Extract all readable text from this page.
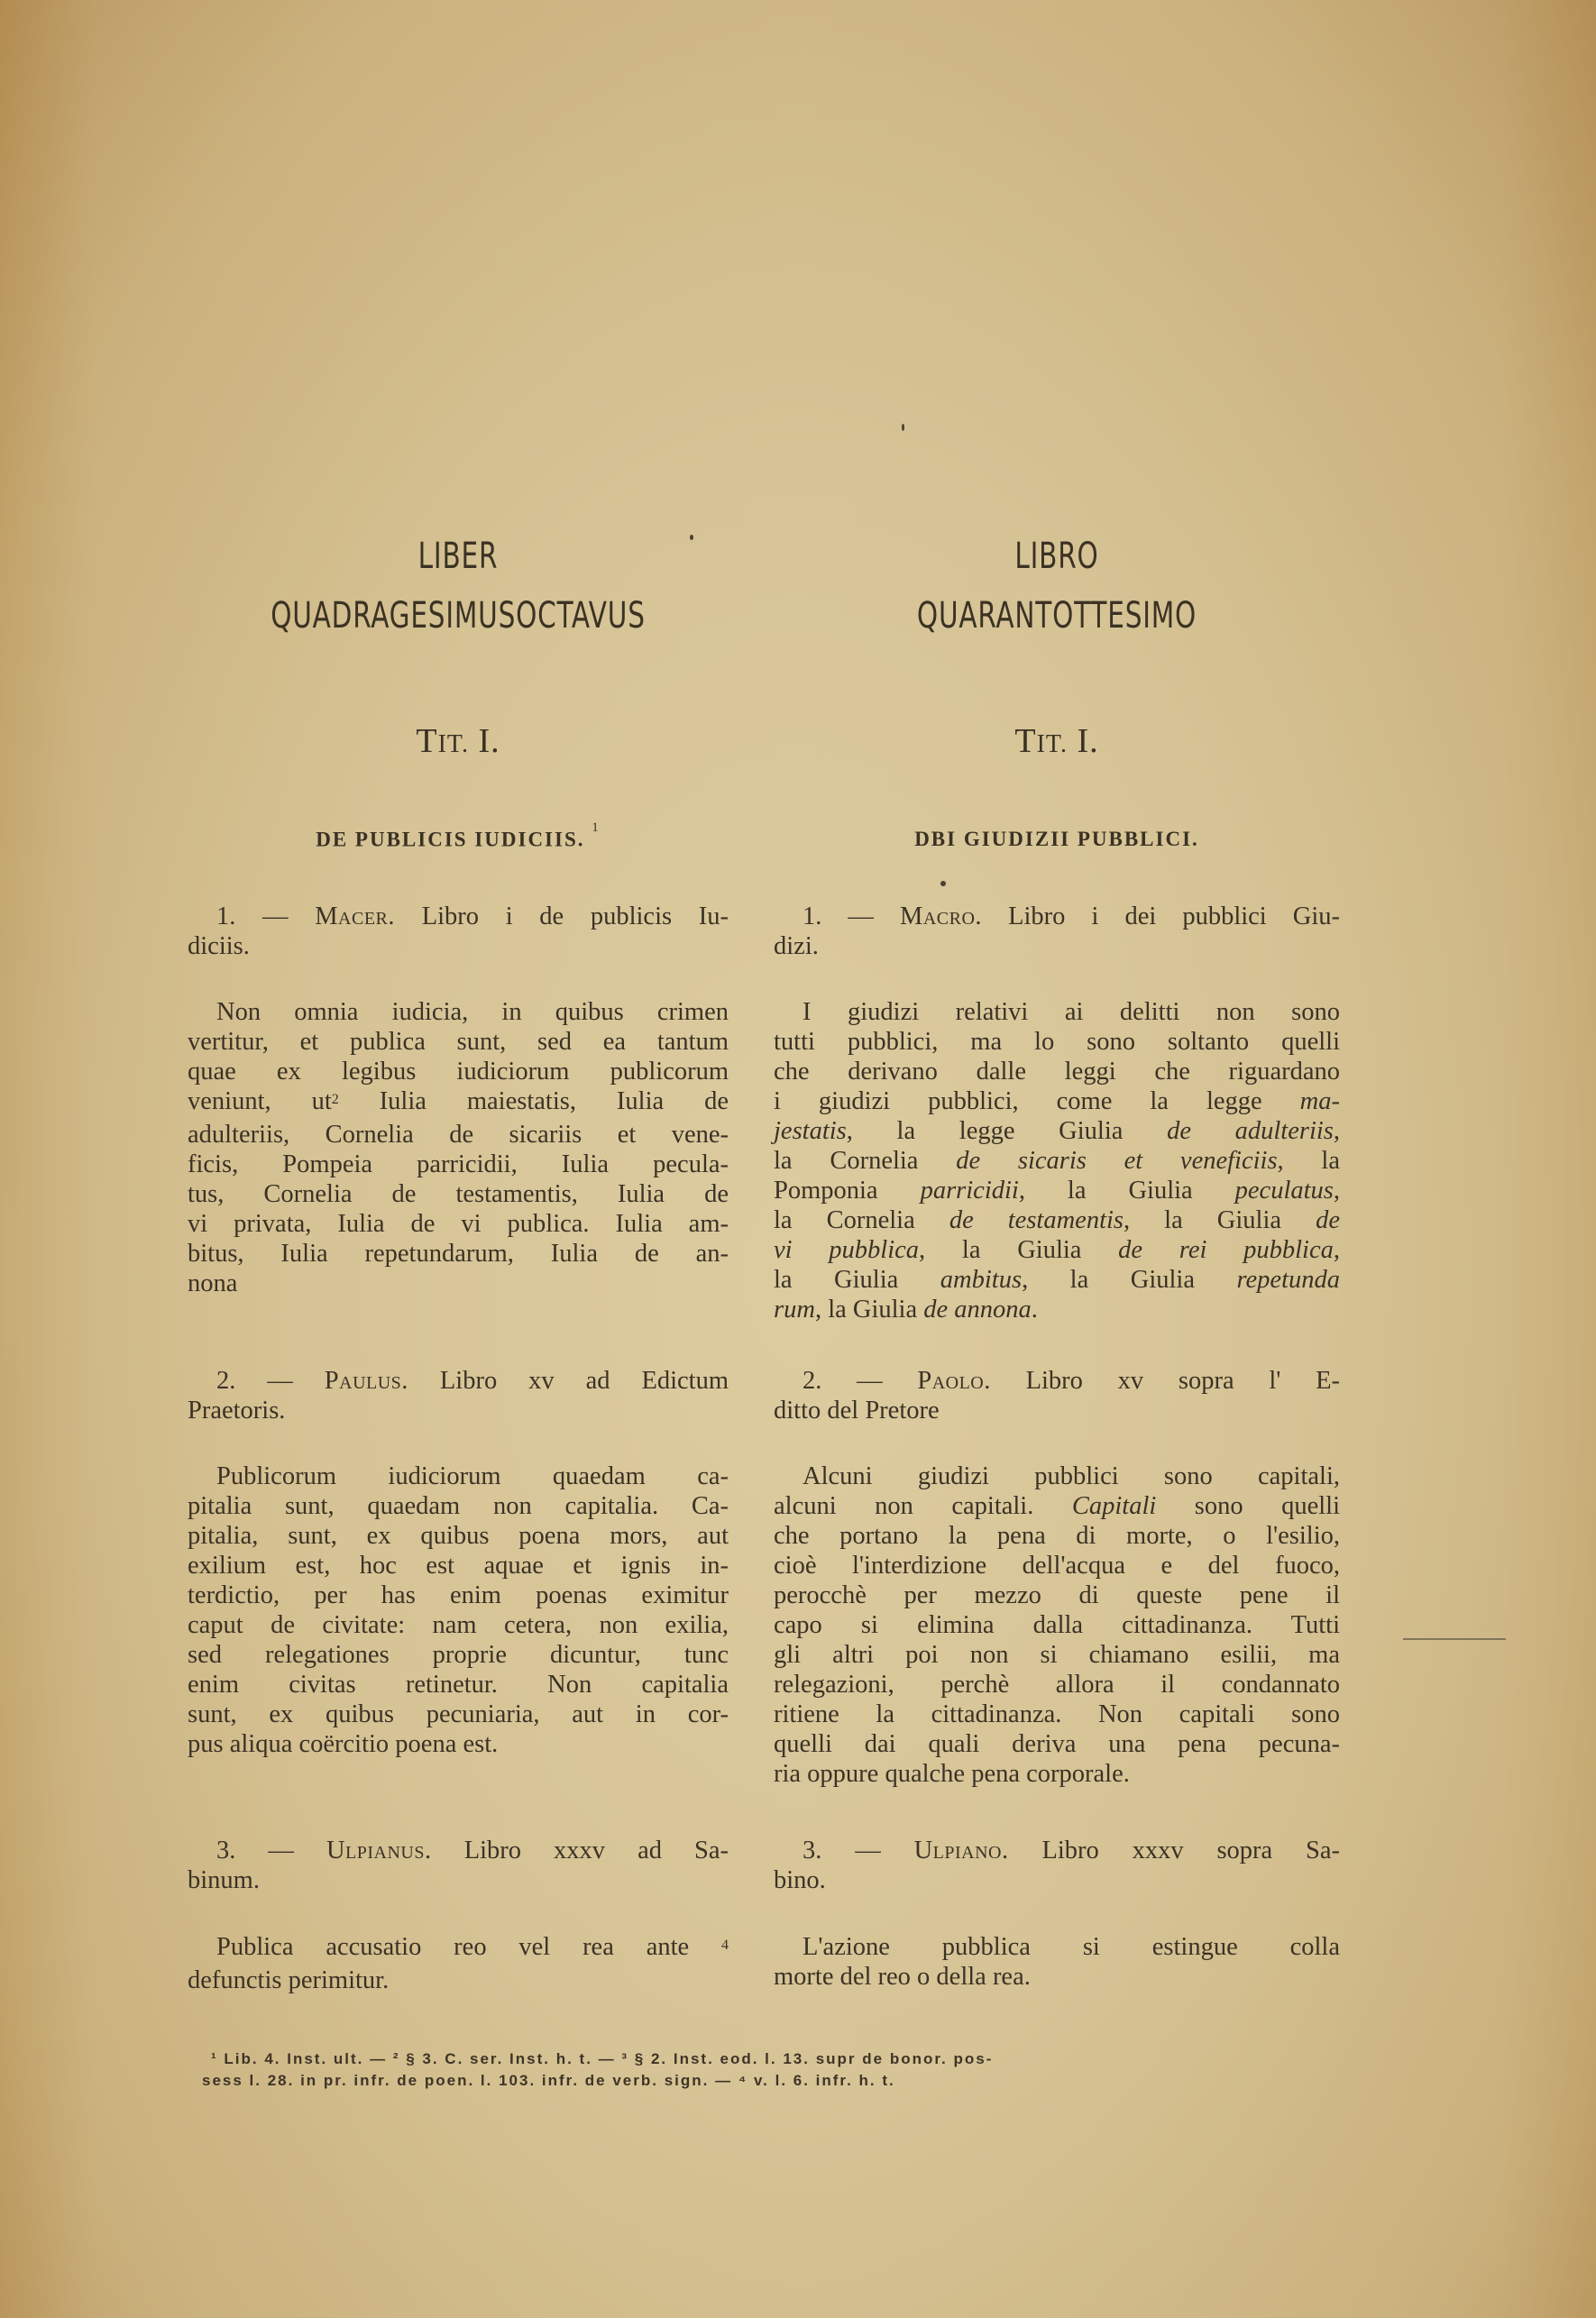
LIBER
QUADRAGESIMUSOCTAVUS
TIT. I.
DE PUBLICIS IUDICIIS. $^1$
1. — Macer. Libro i de publicis Iu-
diciis.
Non omnia iudicia, in quibus crimen
vertitur, et publica sunt, sed ea tantum
quae ex legibus iudiciorum publicorum
veniunt, ut$^2$ Iulia maiestatis, Iulia de
adulteriis, Cornelia de sicariis et vene-
ficis, Pompeia parricidii, Iulia pecula-
tus, Cornelia de testamentis, Iulia de
vi privata, Iulia de vi publica. Iulia am-
bitus, Iulia repetundarum, Iulia de an-
nona
2. — Paulus. Libro xv ad Edictum
Praetoris.
Publicorum iudiciorum quaedam ca-
pitalia sunt, quaedam non capitalia. Ca-
pitalia, sunt, ex quibus poena mors, aut
exilium est, hoc est aquae et ignis in-
terdictio, per has enim poenas eximitur
caput de civitate: nam cetera, non exilia,
sed relegationes proprie dicuntur, tunc
enim civitas retinetur. Non capitalia
sunt, ex quibus pecuniaria, aut in cor-
pus aliqua coërcitio poena est.
3. — Ulpianus. Libro xxxv ad Sa-
binum.
Publica accusatio reo vel rea ante $^4$
defunctis perimitur.
LIBRO
QUARANTOTTESIMO
TIT. I.
DBI GIUDIZII PUBBLICI.
1. — Macro. Libro i dei pubblici Giu-
dizi.
I giudizi relativi ai delitti non sono
tutti pubblici, ma lo sono soltanto quelli
che derivano dalle leggi che riguardano
i giudizi pubblici, come la legge ma-
jestatis, la legge Giulia de adulteriis,
la Cornelia de sicaris et veneficiis, la
Pomponia parricidii, la Giulia peculatus,
la Cornelia de testamentis, la Giulia de
vi pubblica, la Giulia de rei pubblica,
la Giulia ambitus, la Giulia repetunda
rum, la Giulia de annona.
2. — Paolo. Libro xv sopra l' E-
ditto del Pretore
Alcuni giudizi pubblici sono capitali,
alcuni non capitali. Capitali sono quelli
che portano la pena di morte, o l'esilio,
cioè l'interdizione dell'acqua e del fuoco,
perocchè per mezzo di queste pene il
capo si elimina dalla cittadinanza. Tutti
gli altri poi non si chiamano esilii, ma
relegazioni, perchè allora il condannato
ritiene la cittadinanza. Non capitali sono
quelli dai quali deriva una pena pecuna-
ria oppure qualche pena corporale.
3. — Ulpiano. Libro xxxv sopra Sa-
bino.
L'azione pubblica si estingue colla
morte del reo o della rea.
¹ Lib. 4. Inst. ult. — ² § 3. C. ser. Inst. h. t. — ³ § 2. Inst. eod. l. 13. supr de bonor. pos-
sess l. 28. in pr. infr. de poen. l. 103. infr. de verb. sign. — ⁴ v. l. 6. infr. h. t.
